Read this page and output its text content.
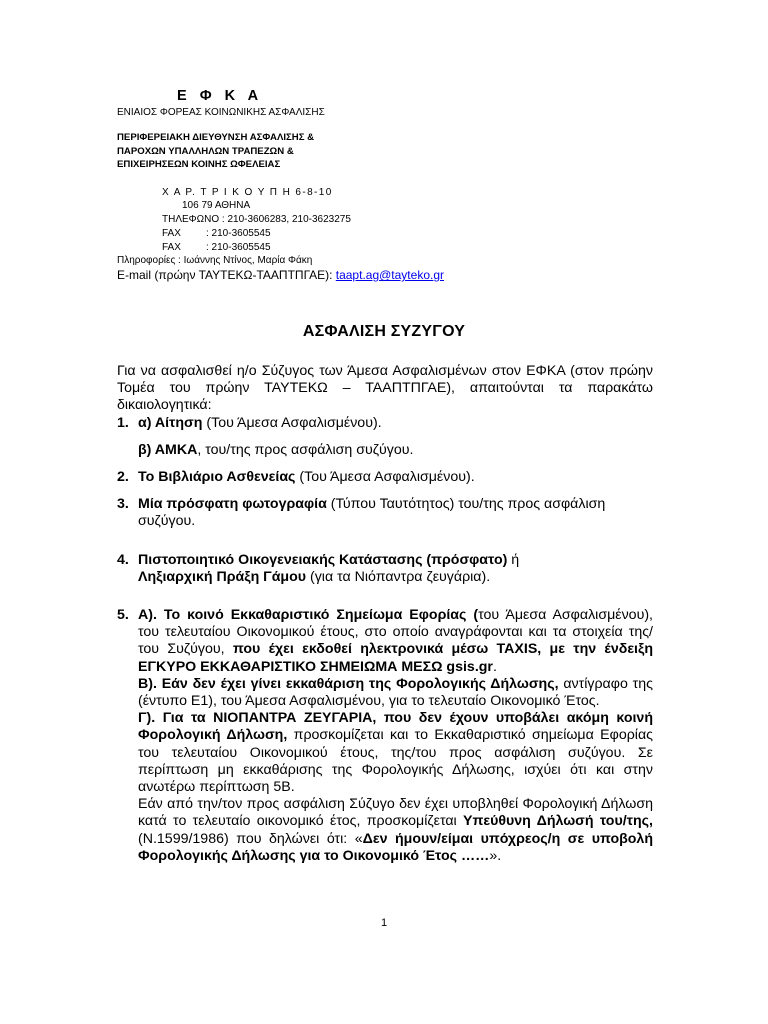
Ε Φ Κ Α
ΕΝΙΑΙΟΣ ΦΟΡΕΑΣ ΚΟΙΝΩΝΙΚΗΣ ΑΣΦΑΛΙΣΗΣ
ΠΕΡΙΦΕΡΕΙΑΚΗ ΔΙΕΥΘΥΝΣΗ ΑΣΦΑΛΙΣΗΣ &
ΠΑΡΟΧΩΝ ΥΠΑΛΛΗΛΩΝ ΤΡΑΠΕΖΩΝ &
ΕΠΙΧΕΙΡΗΣΕΩΝ ΚΟΙΝΗΣ ΩΦΕΛΕΙΑΣ
Χ Α Ρ. Τ Ρ Ι Κ Ο Υ Π Η 6-8-10
106 79 ΑΘΗΝΑ
ΤΗΛΕΦΩΝΟ : 210-3606283, 210-3623275
FAX	: 210-3605545
FAX	: 210-3605545
Πληροφορίες : Ιωάννης Ντίνος, Μαρία Φάκη
E-mail (πρώην ΤΑΥΤΕΚΩ-ΤΑΑΠΤΠΓΑΕ): taapt.ag@tayteko.gr
ΑΣΦΑΛΙΣΗ ΣΥΖΥΓΟΥ

Για να ασφαλισθεί η/ο Σύζυγος των Άμεσα Ασφαλισμένων στον ΕΦΚΑ (στον πρώην Τομέα του πρώην ΤΑΥΤΕΚΩ – ΤΑΑΠΤΠΓΑΕ), απαιτούνται τα παρακάτω δικαιολογητικά:

1. α) Αίτηση (Του Άμεσα Ασφαλισμένου).
β) ΑΜΚΑ, του/της προς ασφάλιση συζύγου.
2. Το Βιβλιάριο Ασθενείας (Του Άμεσα Ασφαλισμένου).
3. Μία πρόσφατη φωτογραφία (Τύπου Ταυτότητος) του/της προς ασφάλιση συζύγου.
4. Πιστοποιητικό Οικογενειακής Κατάστασης (πρόσφατο) ή
Ληξιαρχική Πράξη Γάμου (για τα Νιόπαντρα ζευγάρια).
5. Α). Το κοινό Εκκαθαριστικό Σημείωμα Εφορίας (του Άμεσα Ασφαλισμένου), του τελευταίου Οικονομικού έτους, στο οποίο αναγράφονται και τα στοιχεία της/του Συζύγου, που έχει εκδοθεί ηλεκτρονικά μέσω TAXIS, με την ένδειξη ΕΓΚΥΡΟ ΕΚΚΑΘΑΡΙΣΤΙΚΟ ΣΗΜΕΙΩΜΑ ΜΕΣΩ gsis.gr.
Β). Εάν δεν έχει γίνει εκκαθάριση της Φορολογικής Δήλωσης, αντίγραφο της (έντυπο Ε1), του Άμεσα Ασφαλισμένου, για το τελευταίο Οικονομικό Έτος.
Γ). Για τα ΝΙΟΠΑΝΤΡΑ ΖΕΥΓΑΡΙΑ, που δεν έχουν υποβάλει ακόμη κοινή Φορολογική Δήλωση, προσκομίζεται και το Εκκαθαριστικό σημείωμα Εφορίας του τελευταίου Οικονομικού έτους, της/του προς ασφάλιση συζύγου. Σε περίπτωση μη εκκαθάρισης της Φορολογικής Δήλωσης, ισχύει ότι και στην ανωτέρω περίπτωση 5Β.
Εάν από την/τον προς ασφάλιση Σύζυγο δεν έχει υποβληθεί Φορολογική Δήλωση κατά το τελευταίο οικονομικό έτος, προσκομίζεται Υπεύθυνη Δήλωσή του/της, (Ν.1599/1986) που δηλώνει ότι: «Δεν ήμουν/είμαι υπόχρεος/η σε υποβολή Φορολογικής Δήλωσης για το Οικονομικό Έτος ……».
1
